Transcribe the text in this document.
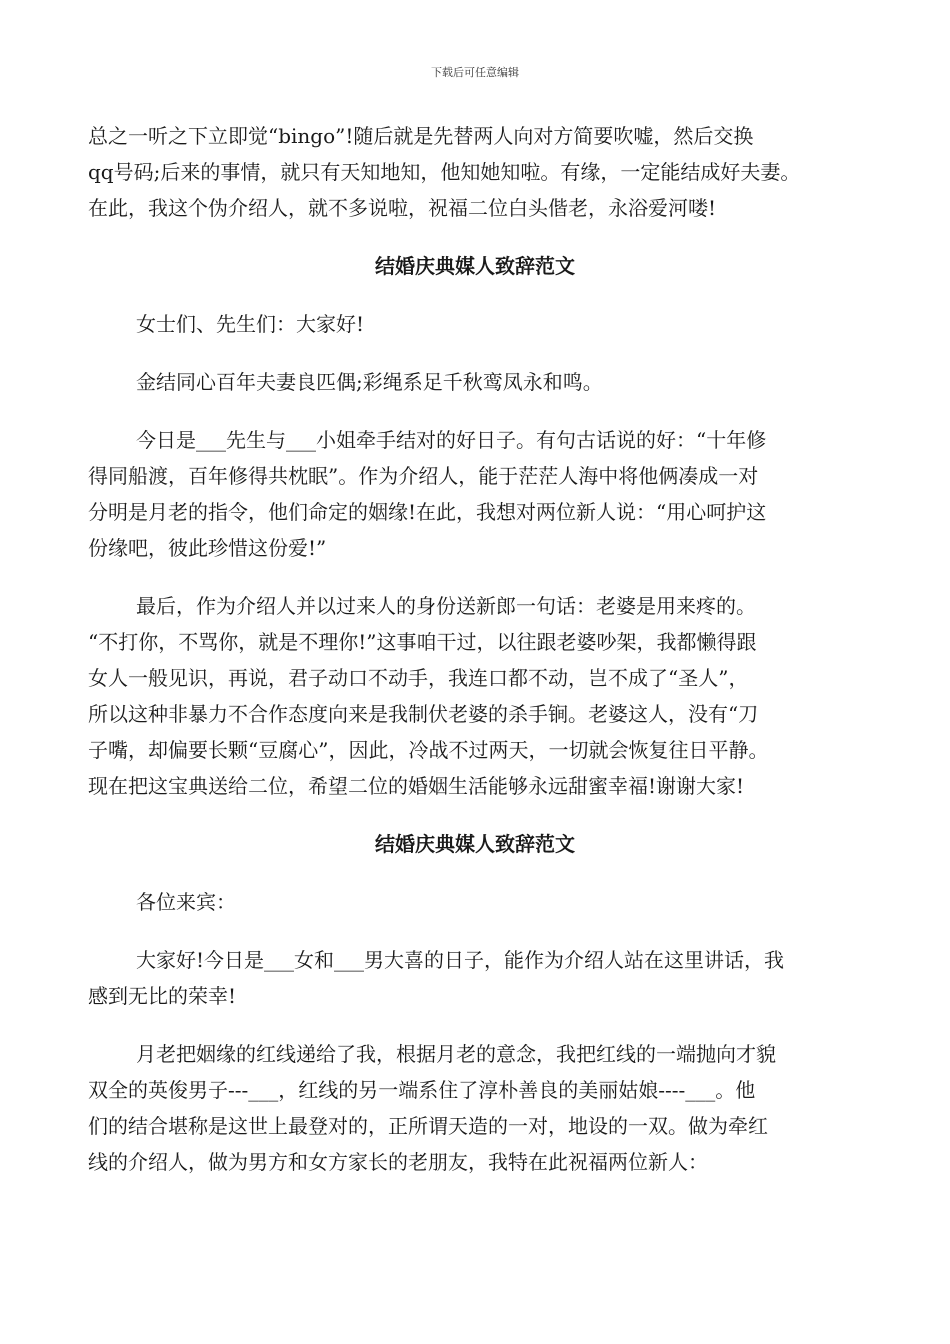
下载后可任意编辑
总之一听之下立即觉“bingo”!随后就是先替两人向对方简要吹嘘，然后交换
qq号码;后来的事情，就只有天知地知，他知她知啦。有缘，一定能结成好夫妻。
在此，我这个伪介绍人，就不多说啦，祝福二位白头偕老，永浴爱河喽!
结婚庆典媒人致辞范文
女士们、先生们：大家好!
金结同心百年夫妻良匹偶;彩绳系足千秋鸾凤永和鸣。
今日是___先生与___小姐牵手结对的好日子。有句古话说的好：“十年修
得同船渡，百年修得共枕眠”。作为介绍人，能于茫茫人海中将他俩凑成一对
分明是月老的指令，他们命定的姻缘!在此，我想对两位新人说：“用心呵护这
份缘吧，彼此珍惜这份爱!”
最后，作为介绍人并以过来人的身份送新郎一句话：老婆是用来疼的。
“不打你，不骂你，就是不理你!”这事咱干过，以往跟老婆吵架，我都懒得跟
女人一般见识，再说，君子动口不动手，我连口都不动，岂不成了“圣人”，
所以这种非暴力不合作态度向来是我制伏老婆的杀手锏。老婆这人，没有“刀
子嘴，却偏要长颗“豆腐心”，因此，冷战不过两天，一切就会恢复往日平静。
现在把这宝典送给二位，希望二位的婚姻生活能够永远甜蜜幸福!谢谢大家!
结婚庆典媒人致辞范文
各位来宾：
大家好!今日是___女和___男大喜的日子，能作为介绍人站在这里讲话，我
感到无比的荣幸!
月老把姻缘的红线递给了我，根据月老的意念，我把红线的一端抛向才貌
双全的英俊男子---___，红线的另一端系住了淳朴善良的美丽姑娘----___。他
们的结合堪称是这世上最登对的，正所谓天造的一对，地设的一双。做为牵红
线的介绍人，做为男方和女方家长的老朋友，我特在此祝福两位新人：
